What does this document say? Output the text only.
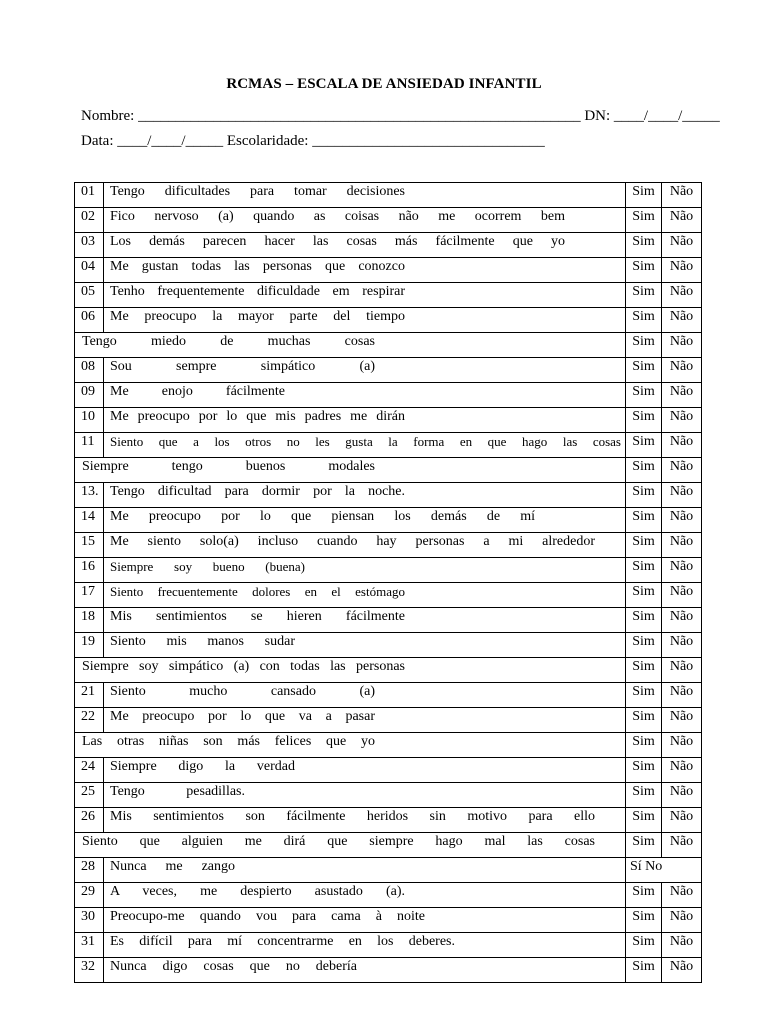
RCMAS – ESCALA DE ANSIEDAD INFANTIL
Nombre: ___________________________________________________________ DN: ____/____/_____
Data: ____/____/_____ Escolaridade: _______________________________
01	Tengo dificultades para tomar decisiones	Sim	Não
02	Fico nervoso (a) quando as coisas não me ocorrem bem	Sim	Não
03	Los demás parecen hacer las cosas más fácilmente que yo	Sim	Não
04	Me gustan todas las personas que conozco	Sim	Não
05	Tenho frequentemente dificuldade em respirar	Sim	Não
06	Me preocupo la mayor parte del tiempo	Sim	Não

Tengo miedo de muchas cosas		Sim	Não
08	Sou sempre simpático (a)	Sim	Não
09	Me enojo fácilmente	Sim	Não
10	Me preocupo por lo que mis padres me dirán	Sim	Não
11	Siento que a los otros no les gusta la forma en que hago las cosas	Sim	Não

Siempre tengo buenos modales		Sim	Não
13.	Tengo dificultad para dormir por la noche.	Sim	Não
14	Me preocupo por lo que piensan los demás de mí	Sim	Não
15	Me siento solo(a) incluso cuando hay personas a mi alrededor	Sim	Não
16	Siempre soy bueno (buena)	Sim	Não
17	Siento frecuentemente dolores en el estómago	Sim	Não
18	Mis sentimientos se hieren fácilmente	Sim	Não
19	Siento mis manos sudar	Sim	Não

Siempre soy simpático (a) con todas las personas		Sim	Não
21	Siento mucho cansado (a)	Sim	Não
22	Me preocupo por lo que va a pasar	Sim	Não

Las otras niñas son más felices que yo		Sim	Não
24	Siempre digo la verdad	Sim	Não
25	Tengo pesadillas.	Sim	Não
26	Mis sentimientos son fácilmente heridos sin motivo para ello	Sim	Não

Siento que alguien me dirá que siempre hago mal las cosas		Sim	Não
28	Nunca me zango	Sí No	
29	A veces, me despierto asustado (a).	Sim	Não
30	Preocupo-me quando vou para cama à noite	Sim	Não
31	Es difícil para mí concentrarme en los deberes.	Sim	Não
32	Nunca digo cosas que no debería	Sim	Não
